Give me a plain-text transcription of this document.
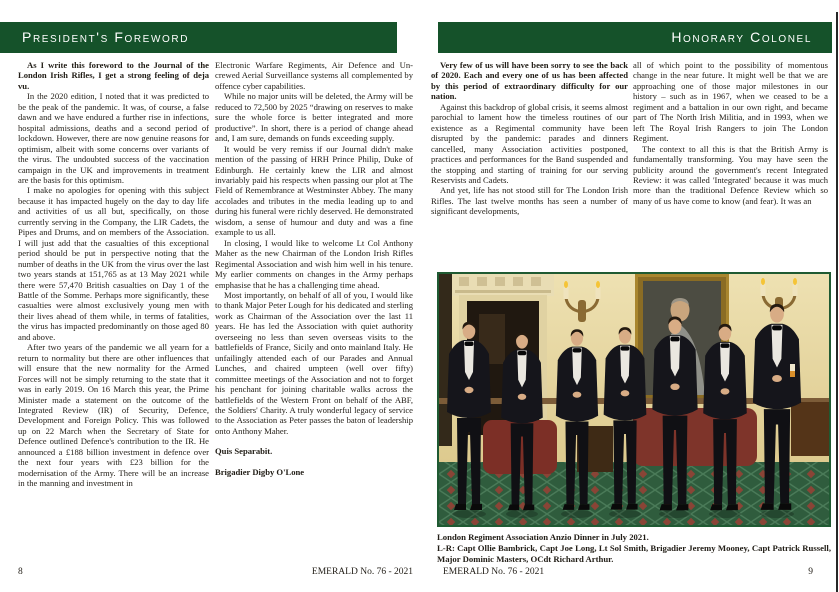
President's Foreword	Honorary Colonel
As I write this foreword to the Journal of the London Irish Rifles, I get a strong feeling of deja vu.
In the 2020 edition, I noted that it was predicted to be the peak of the pandemic. It was, of course, a false dawn and we have endured a further rise in infections, hospital admissions, deaths and a second period of lockdown. However, there are now genuine reasons for optimism, albeit with some concerns over variants of the virus. The undoubted success of the vaccination campaign in the UK and improvements in treatment are the basis for this optimism.
I make no apologies for opening with this subject because it has impacted hugely on the day to day life and activities of us all but, specifically, on those currently serving in the Company, the LIR Cadets, the Pipes and Drums, and on members of the Association. I will just add that the casualties of this exceptional period should be put in perspective noting that the number of deaths in the UK from the virus over the last two years stands at 151,765 as at 13 May 2021 while there were 57,470 British casualties on Day 1 of the Battle of the Somme. Perhaps more significantly, these casualties were almost exclusively young men with their lives ahead of them while, in terms of fatalities, the virus has impacted predominantly on those aged 80 and above.
After two years of the pandemic we all yearn for a return to normality but there are other influences that will ensure that the new normality for the Armed Forces will not be simply returning to the state that it was in early 2019. On 16 March this year, the Prime Minister made a statement on the outcome of the Integrated Review (IR) of Security, Defence, Development and Foreign Policy. This was followed up on 22 March when the Secretary of State for Defence outlined Defence's contribution to the IR. He announced a £188 billion investment in defence over the next four years with £23 billion for the modernisation of the Army. There will be an increase in the manning and investment in
Electronic Warfare Regiments, Air Defence and Un-crewed Aerial Surveillance systems all complemented by offence cyber capabilities.
While no major units will be deleted, the Army will be reduced to 72,500 by 2025 “drawing on reserves to make sure the whole force is better integrated and more productive”. In short, there is a period of change ahead and, I am sure, demands on funds exceeding supply.
It would be very remiss if our Journal didn't make mention of the passing of HRH Prince Philip, Duke of Edinburgh. He certainly knew the LIR and almost invariably paid his respects when passing our plot at The Field of Remembrance at Westminster Abbey. The many accolades and tributes in the media leading up to and during his funeral were richly deserved. He demonstrated wisdom, a sense of humour and duty and was a fine example to us all.
In closing, I would like to welcome Lt Col Anthony Maher as the new Chairman of the London Irish Rifles Regimental Association and wish him well in his tenure. My earlier comments on changes in the Army perhaps emphasise that he has a challenging time ahead.
Most importantly, on behalf of all of you, I would like to thank Major Peter Lough for his dedicated and sterling work as Chairman of the Association over the last 11 years. He has led the Association with quiet authority overseeing no less than seven overseas visits to the battlefields of France, Sicily and onto mainland Italy. He unfailingly attended each of our Parades and Annual Lunches, and chaired umpteen (well over fifty) committee meetings of the Association and not to forget his penchant for joining charitable walks across the battlefields of the Western Front on behalf of the ABF, the Soldiers' Charity. A truly wonderful legacy of service to the Association as Peter passes the baton of leadership onto Anthony Maher.
Quis Separabit.
Brigadier Digby O'Lone
Very few of us will have been sorry to see the back of 2020. Each and every one of us has been affected by this period of extraordinary difficulty for our nation.
Against this backdrop of global crisis, it seems almost parochial to lament how the timeless routines of our existence as a Regimental community have been disrupted by the pandemic: parades and dinners cancelled, many Association activities postponed, practices and performances for the Band suspended and the stopping and starting of training for our serving Reservists and Cadets.
And yet, life has not stood still for The London Irish Rifles. The last twelve months has seen a number of significant developments,
all of which point to the possibility of momentous change in the near future. It might well be that we are approaching one of those major milestones in our history – such as in 1967, when we ceased to be a regiment and a battalion in our own right, and became part of The North Irish Militia, and in 1993, when we left The Royal Irish Rangers to join The London Regiment.
The context to all this is that the British Army is fundamentally transforming. You may have seen the publicity around the government's recent Integrated Review: it was called 'Integrated' because it was much more than the traditional Defence Review which so many of us have come to know (and fear). It was an
London Regiment Association Anzio Dinner in July 2021.
L-R: Capt Ollie Bambrick, Capt Joe Long, Lt Sol Smith, Brigadier Jeremy Mooney, Capt Patrick Russell, Major Dominic Masters, OCdt Richard Arthur.
8	EMERALD No. 76 - 2021	EMERALD No. 76 - 2021	9
